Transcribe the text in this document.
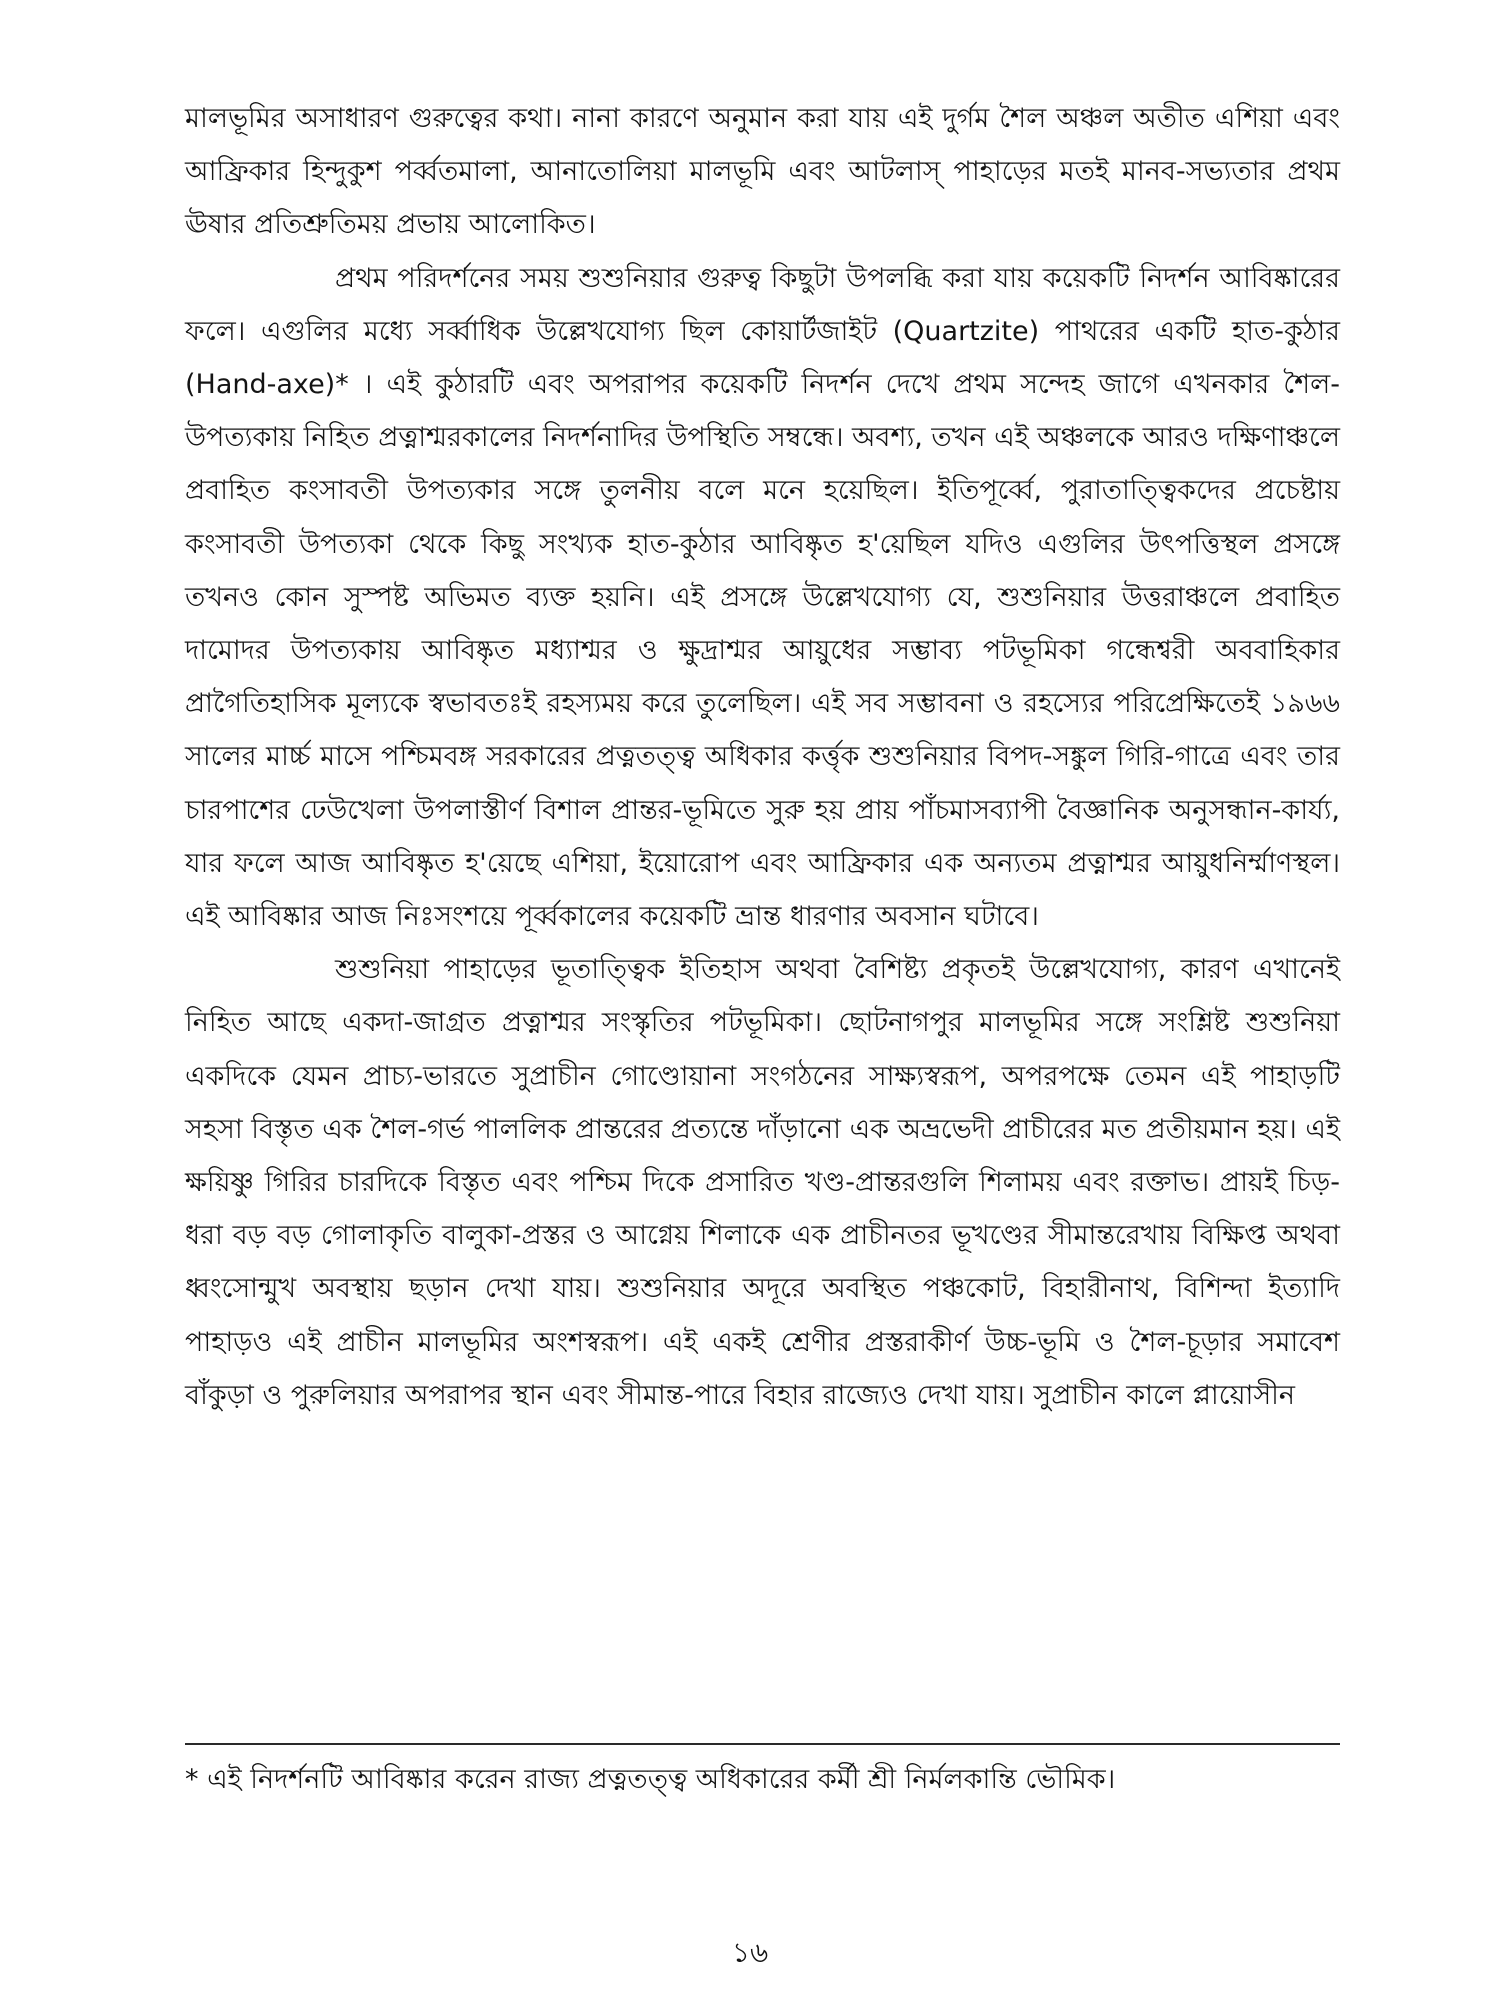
মালভূমির অসাধারণ গুরুত্বের কথা। নানা কারণে অনুমান করা যায় এই দুর্গম শৈল অঞ্চল অতীত এশিয়া এবং আফ্রিকার হিন্দুকুশ পর্ব্বতমালা, আনাতোলিয়া মালভূমি এবং আটলাস্ পাহাড়ের মতই মানব-সভ্যতার প্রথম ঊষার প্রতিশ্রুতিময় প্রভায় আলোকিত।

প্রথম পরিদর্শনের সময় শুশুনিয়ার গুরুত্ব কিছুটা উপলব্ধি করা যায় কয়েকটি নিদর্শন আবিষ্কারের ফলে। এগুলির মধ্যে সর্ব্বাধিক উল্লেখযোগ্য ছিল কোয়ার্টজাইট (Quartzite) পাথরের একটি হাত-কুঠার (Hand-axe)* । এই কুঠারটি এবং অপরাপর কয়েকটি নিদর্শন দেখে প্রথম সন্দেহ জাগে এখনকার শৈল-উপত্যকায় নিহিত প্রত্নাশ্মরকালের নিদর্শনাদির উপস্থিতি সম্বন্ধে। অবশ্য, তখন এই অঞ্চলকে আরও দক্ষিণাঞ্চলে প্রবাহিত কংসাবতী উপত্যকার সঙ্গে তুলনীয় বলে মনে হয়েছিল। ইতিপূর্ব্বে, পুরাতাত্ত্বিকদের প্রচেষ্টায় কংসাবতী উপত্যকা থেকে কিছু সংখ্যক হাত-কুঠার আবিষ্কৃত হ'য়েছিল যদিও এগুলির উৎপত্তিস্থল প্রসঙ্গে তখনও কোন সুস্পষ্ট অভিমত ব্যক্ত হয়নি। এই প্রসঙ্গে উল্লেখযোগ্য যে, শুশুনিয়ার উত্তরাঞ্চলে প্রবাহিত দামোদর উপত্যকায় আবিষ্কৃত মধ্যাশ্মর ও ক্ষুদ্রাশ্মর আয়ুধের সম্ভাব্য পটভূমিকা গন্ধেশ্বরী অববাহিকার প্রাগৈতিহাসিক মূল্যকে স্বভাবতঃই রহস্যময় করে তুলেছিল। এই সব সম্ভাবনা ও রহস্যের পরিপ্রেক্ষিতেই ১৯৬৬ সালের মার্চ্চ মাসে পশ্চিমবঙ্গ সরকারের প্রত্নতত্ত্ব অধিকার কর্ত্তৃক শুশুনিয়ার বিপদ-সঙ্কুল গিরি-গাত্রে এবং তার চারপাশের ঢেউখেলা উপলাস্তীর্ণ বিশাল প্রান্তর-ভূমিতে সুরু হয় প্রায় পাঁচমাসব্যাপী বৈজ্ঞানিক অনুসন্ধান-কার্য্য, যার ফলে আজ আবিষ্কৃত হ'য়েছে এশিয়া, ইয়োরোপ এবং আফ্রিকার এক অন্যতম প্রত্নাশ্মর আয়ুধনির্ম্মাণস্থল। এই আবিষ্কার আজ নিঃসংশয়ে পূর্ব্বকালের কয়েকটি ভ্রান্ত ধারণার অবসান ঘটাবে।

শুশুনিয়া পাহাড়ের ভূতাত্ত্বিক ইতিহাস অথবা বৈশিষ্ট্য প্রকৃতই উল্লেখযোগ্য, কারণ এখানেই নিহিত আছে একদা-জাগ্রত প্রত্নাশ্মর সংস্কৃতির পটভূমিকা। ছোটনাগপুর মালভূমির সঙ্গে সংশ্লিষ্ট শুশুনিয়া একদিকে যেমন প্রাচ্য-ভারতে সুপ্রাচীন গোণ্ডোয়ানা সংগঠনের সাক্ষ্যস্বরূপ, অপরপক্ষে তেমন এই পাহাড়টি সহসা বিস্তৃত এক শৈল-গর্ভ পাললিক প্রান্তরের প্রত্যন্তে দাঁড়ানো এক অভ্রভেদী প্রাচীরের মত প্রতীয়মান হয়। এই ক্ষয়িষ্ণু গিরির চারদিকে বিস্তৃত এবং পশ্চিম দিকে প্রসারিত খণ্ড-প্রান্তরগুলি শিলাময় এবং রক্তাভ। প্রায়ই চিড়-ধরা বড় বড় গোলাকৃতি বালুকা-প্রস্তর ও আগ্নেয় শিলাকে এক প্রাচীনতর ভূখণ্ডের সীমান্তরেখায় বিক্ষিপ্ত অথবা ধ্বংসোন্মুখ অবস্থায় ছড়ান দেখা যায়। শুশুনিয়ার অদূরে অবস্থিত পঞ্চকোট, বিহারীনাথ, বিশিন্দা ইত্যাদি পাহাড়ও এই প্রাচীন মালভূমির অংশস্বরূপ। এই একই শ্রেণীর প্রস্তরাকীর্ণ উচ্চ-ভূমি ও শৈল-চূড়ার সমাবেশ বাঁকুড়া ও পুরুলিয়ার অপরাপর স্থান এবং সীমান্ত-পারে বিহার রাজ্যেও দেখা যায়। সুপ্রাচীন কালে প্লায়োসীন

* এই নিদর্শনটি আবিষ্কার করেন রাজ্য প্রত্নতত্ত্ব অধিকারের কর্মী শ্রী নির্মলকান্তি ভৌমিক।
১৬
